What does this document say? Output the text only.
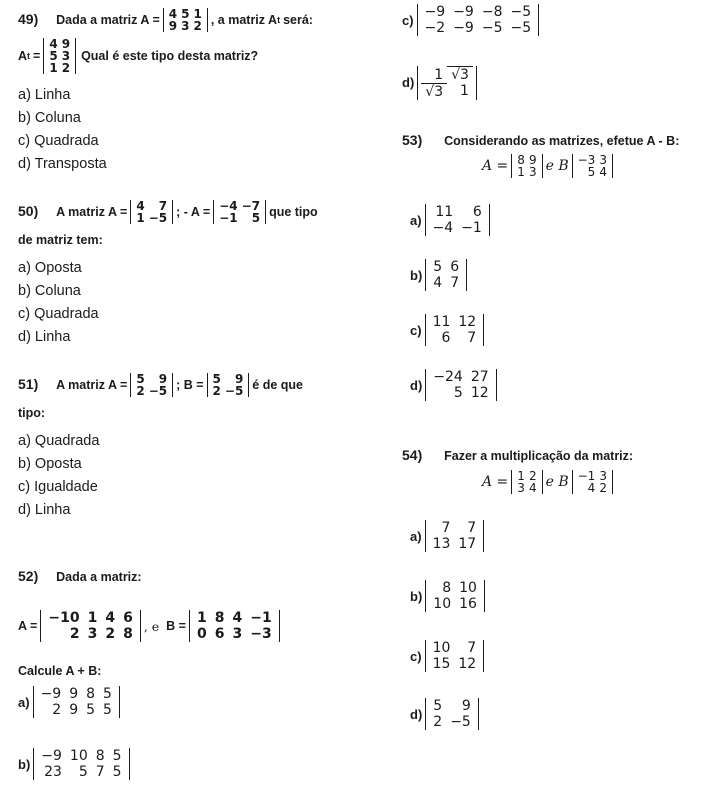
49) Dada a matriz A = 4	5	1
9	3	2 , a matriz A t será:
A t =
4	9
5	3
1	2
Qual é este tipo desta matriz?
a) Linha
b) Coluna
c) Quadrada
d) Transposta
c) −9	−9	−8	−5
−2	−9	−5	−5
d)
1	√3
√3	1
50) A matriz A = 4	7
1	−5 ; - A = −4	−7
−1	5 que tipo
de matriz tem:
a) Oposta
b) Coluna
c) Quadrada
d) Linha
51) A matriz A = 5	9
2	−5 ; B = 5	9
2	−5 é de que
tipo:
a) Quadrada
b) Oposta
c) Igualdade
d) Linha
52) Dada a matriz:
A = −10	1	4	6
2	3	2	8 , e B = 1	8	4	−1
0	6	3	−3
Calcule A + B:
a) −9	9	8	5
2	9	5	5
b) −9	10	8	5
23	5	7	5
53) Considerando as matrizes, efetue A - B:
A = 8	9
1	3 e B −3	3
5	4
a) 11	6
−4	−1
b) 5	6
4	7
c) 11	12
6	7
d) −24	27
5	12
54) Fazer a multiplicação da matriz:
A = 1	2
3	4 e B −1	3
4	2
a) 7	7
13	17
b) 8	10
10	16
c) 10	7
15	12
d) 5	9
2	−5
